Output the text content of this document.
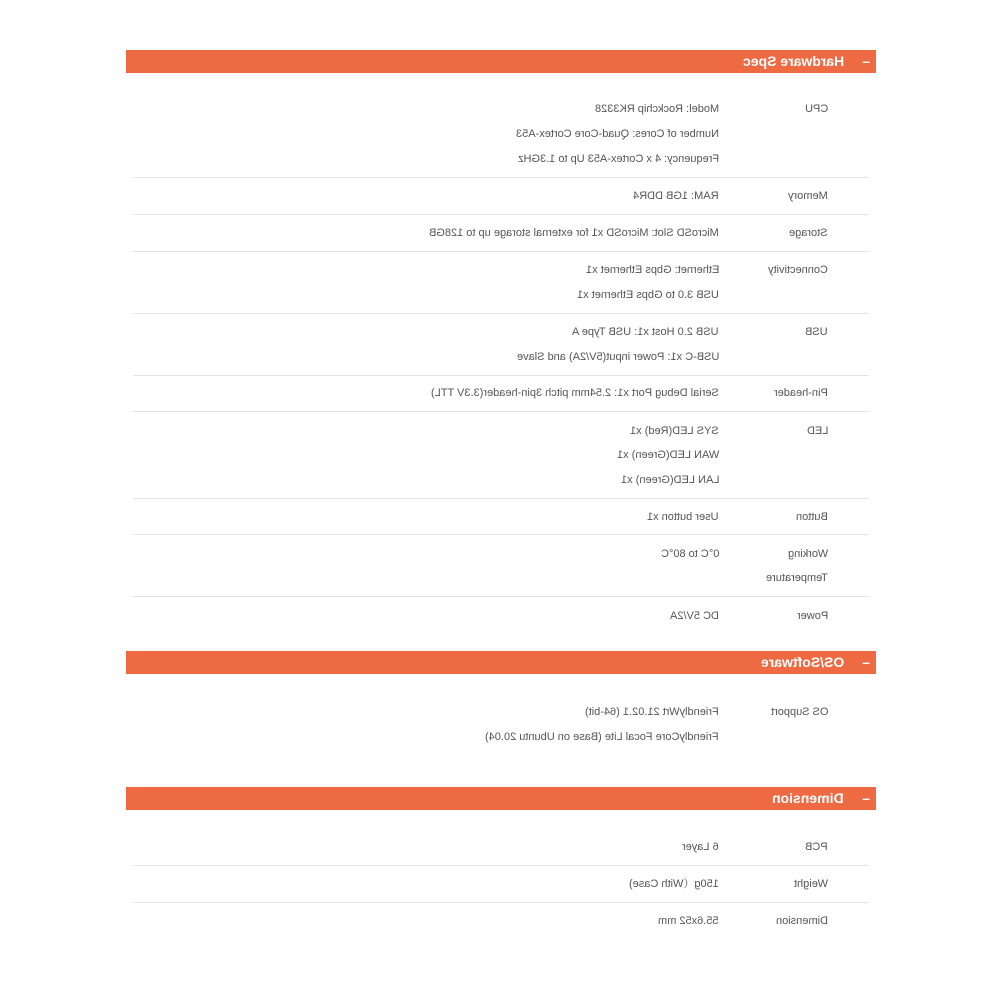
Hardware Spec –
CPU
Model: Rockchip RK3328
Number of Cores: Quad-Core Cortex-A53
Frequency: 4 x Cortex-A53 Up to 1.3GHz
Memory
RAM: 1GB DDR4
Storage
MicroSD Slot: MicroSD x1 for external storage up to 128GB
Connectivity
Ethernet: Gbps Ethernet x1
USB 3.0 to Gbps Ethernet x1
USB
USB 2.0 Host x1: USB Type A
USB-C x1: Power input(5V/2A) and Slave
Pin-header
Serial Debug Port x1: 2.54mm pitch 3pin-header(3.3V TTL)
LED
SYS LED(Red) x1
WAN LED(Green) x1
LAN LED(Green) x1
Button
User button x1
Working
Temperature
0°C to 80°C
Power
DC 5V/2A
OS/Software –
OS Support
FriendlyWrt 21.02.1 (64-bit)
FriendlyCore Focal Lite (Base on Ubuntu 20.04)
Dimension –
PCB
6 Layer
Weight
150g（With Case)
Dimension
55.6x52 mm
